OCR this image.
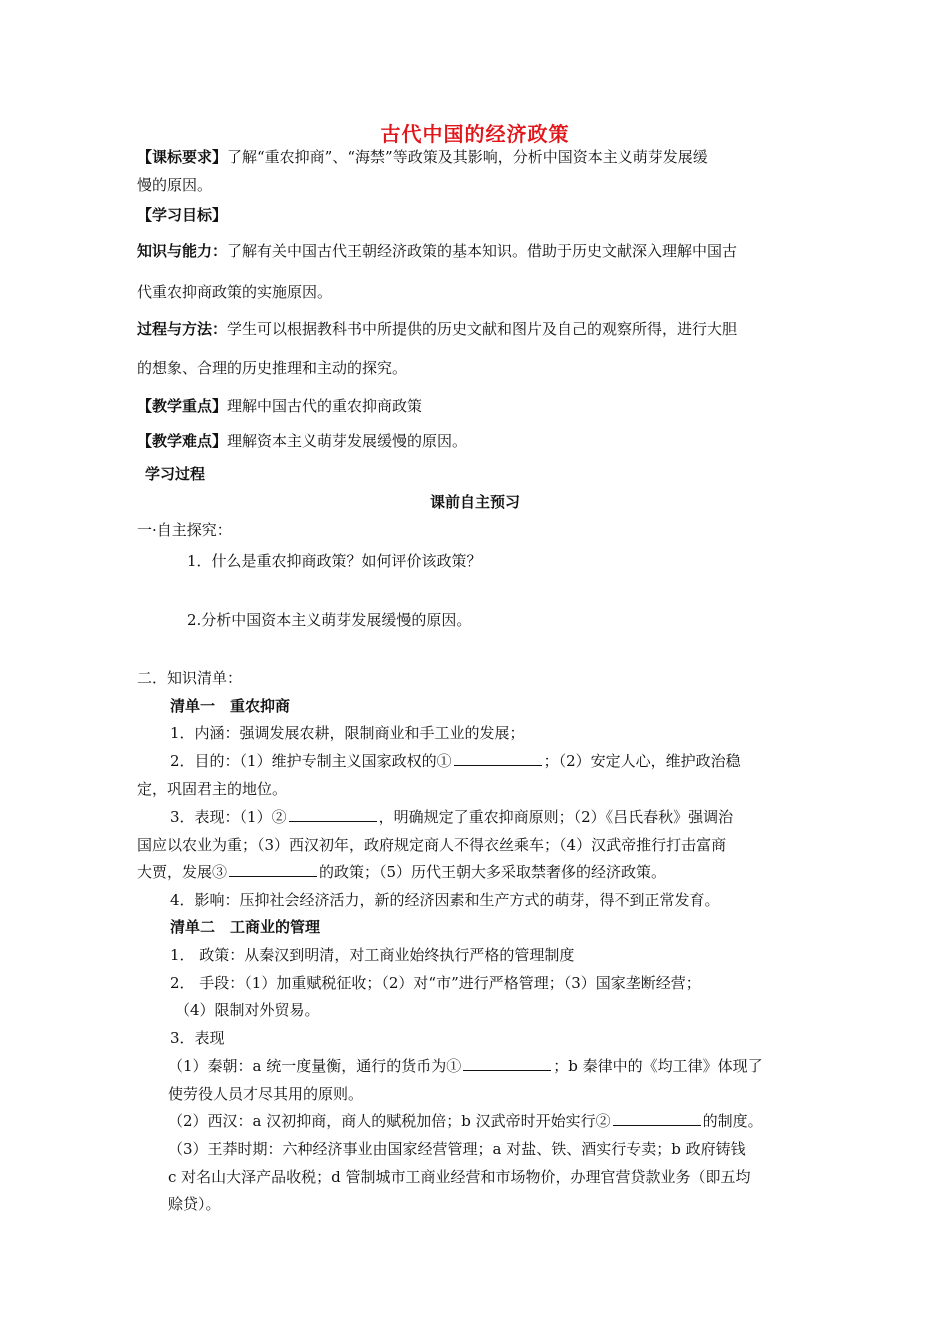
古代中国的经济政策

【课标要求】了解“重农抑商”、“海禁”等政策及其影响，分析中国资本主义萌芽发展缓

慢的原因。

【学习目标】

知识与能力：了解有关中国古代王朝经济政策的基本知识。借助于历史文献深入理解中国古

代重农抑商政策的实施原因。

过程与方法：学生可以根据教科书中所提供的历史文献和图片及自己的观察所得，进行大胆

的想象、合理的历史推理和主动的探究。

【教学重点】理解中国古代的重农抑商政策

【教学难点】理解资本主义萌芽发展缓慢的原因。

学习过程

课前自主预习

一·自主探究：

1．什么是重农抑商政策？如何评价该政策？

2.分析中国资本主义萌芽发展缓慢的原因。

二．知识清单：

清单一　重农抑商

1．内涵：强调发展农耕，限制商业和手工业的发展；

2．目的：（1）维护专制主义国家政权的①	；（2）安定人心，维护政治稳

定，巩固君主的地位。

3．表现：（1）②	，明确规定了重农抑商原则；（2）《吕氏春秋》强调治

国应以农业为重；（3）西汉初年，政府规定商人不得衣丝乘车；（4）汉武帝推行打击富商

大贾，发展③	的政策；（5）历代王朝大多采取禁奢侈的经济政策。

4．影响：压抑社会经济活力，新的经济因素和生产方式的萌芽，得不到正常发育。

清单二　工商业的管理

1． 政策：从秦汉到明清，对工商业始终执行严格的管理制度

2． 手段：（1）加重赋税征收；（2）对“市”进行严格管理；（3）国家垄断经营；

（4）限制对外贸易。

3．表现

（1）秦朝：a 统一度量衡，通行的货币为①	；b 秦律中的《均工律》体现了

使劳役人员才尽其用的原则。

（2）西汉：a 汉初抑商，商人的赋税加倍；b 汉武帝时开始实行②	的制度。

（3）王莽时期：六种经济事业由国家经营管理；a 对盐、铁、酒实行专卖；b 政府铸钱

c 对名山大泽产品收税；d 管制城市工商业经营和市场物价，办理官营贷款业务（即五均

赊贷）。
